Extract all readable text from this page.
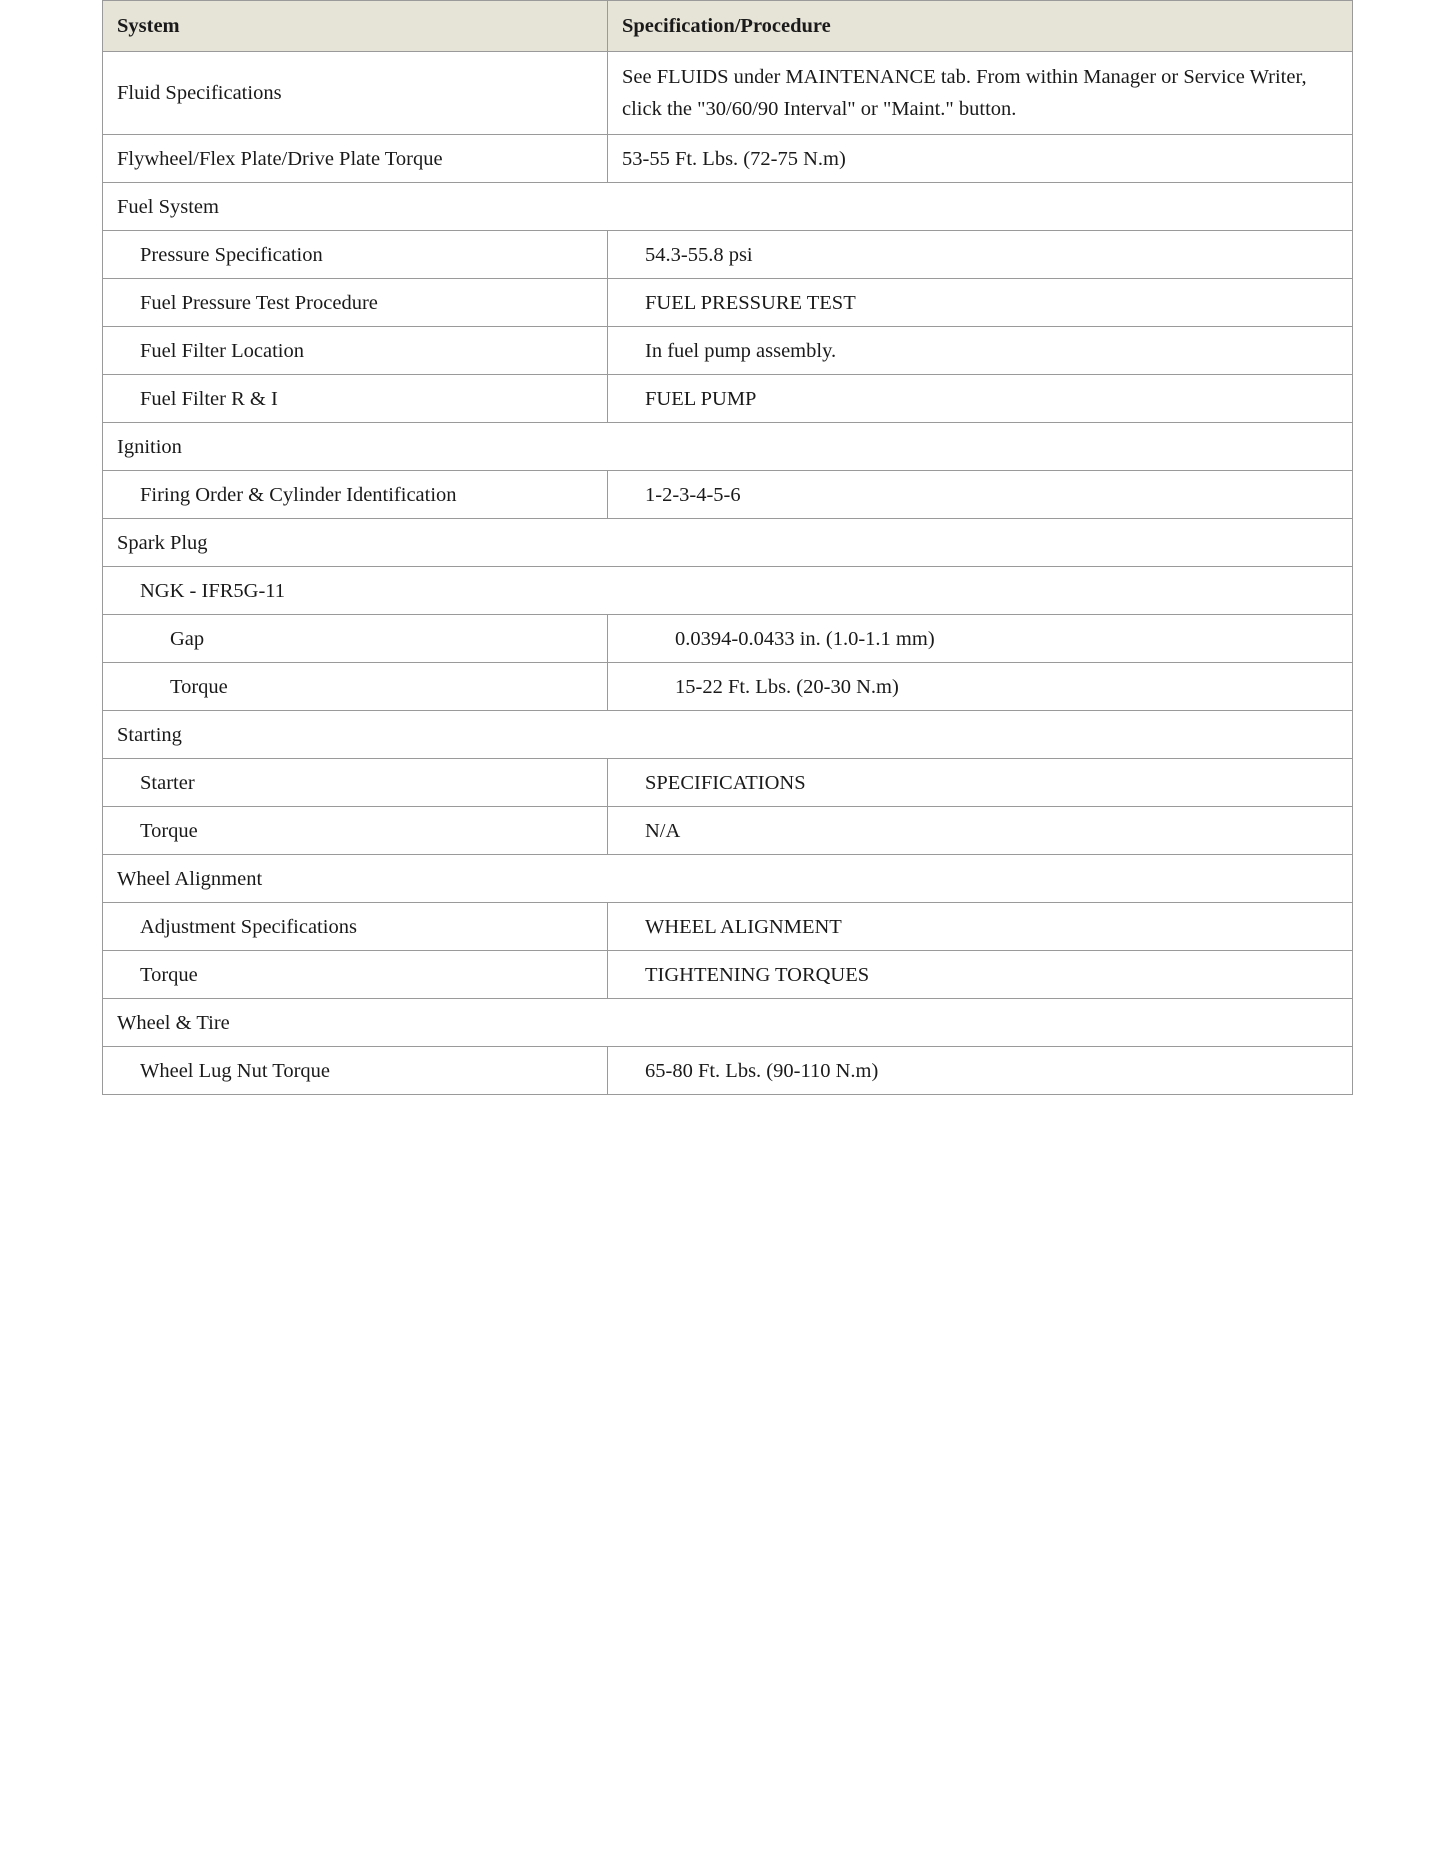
System	Specification/Procedure
Fluid Specifications	See FLUIDS under MAINTENANCE tab. From within Manager or Service Writer, click the "30/60/90 Interval" or "Maint." button.
Flywheel/Flex Plate/Drive Plate Torque	53-55 Ft. Lbs. (72-75 N.m)
Fuel System	
Pressure Specification	54.3-55.8 psi
Fuel Pressure Test Procedure	FUEL PRESSURE TEST
Fuel Filter Location	In fuel pump assembly.
Fuel Filter R & I	FUEL PUMP
Ignition	
Firing Order & Cylinder Identification	1-2-3-4-5-6
Spark Plug	
NGK - IFR5G-11	
Gap	0.0394-0.0433 in. (1.0-1.1 mm)
Torque	15-22 Ft. Lbs. (20-30 N.m)
Starting	
Starter	SPECIFICATIONS
Torque	N/A
Wheel Alignment	
Adjustment Specifications	WHEEL ALIGNMENT
Torque	TIGHTENING TORQUES
Wheel & Tire	
Wheel Lug Nut Torque	65-80 Ft. Lbs. (90-110 N.m)
